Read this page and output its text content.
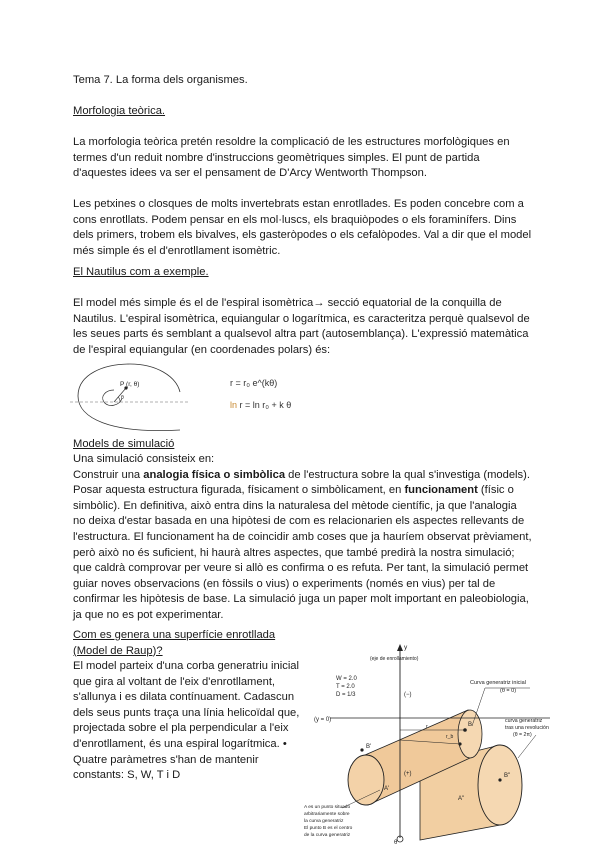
Tema 7. La forma dels organismes.

Morfologia teòrica.

La morfologia teòrica pretén resoldre la complicació de les estructures morfològiques en
termes d'un reduit nombre d'instruccions geomètriques simples. El punt de partida
d'aquestes idees va ser el pensament de D'Arcy Wentworth Thompson.

Les petxines o closques de molts invertebrats estan enrotllades. Es poden concebre com a
cons enrotllats. Podem pensar en els mol·luscs, els braquiòpodes o els foraminífers. Dins
dels primers, trobem els bivalves, els gasteròpodes o els cefalòpodes. Val a dir que el model
més simple és el d'enrotllament isomètric.

El Nautilus com a exemple.

El model més simple és el de l'espiral isomètrica→ secció equatorial de la conquilla de
Nautilus. L'espiral isomètrica, equiangular o logarítmica, es caracteritza perquè qualsevol de
les seues parts és semblant a qualsevol altra part (autosemblança). L'expressió matemàtica
de l'espiral equiangular (en coordenades polars) és:

P (r, θ)
θ
r = r₀ e^(kθ)
ln r = ln r₀ + k θ

Models de simulació

Una simulació consisteix en:
Construir una analogia física o simbòlica de l'estructura sobre la qual s'investiga (models).
Posar aquesta estructura figurada, físicament o simbòlicament, en funcionament (físic o
simbòlic). En definitiva, això entra dins la naturalesa del mètode científic, ja que l'analogia
no deixa d'estar basada en una hipòtesi de com es relacionarien els aspectes rellevants de
l'estructura. El funcionament ha de coincidir amb coses que ja hauríem observat prèviament,
però això no és suficient, hi haurà altres aspectes, que també predirà la nostra simulació;
que caldrà comprovar per veure si allò es confirma o es refuta. Per tant, la simulació permet
guiar noves observacions (en fòssils o vius) o experiments (només en vius) per tal de
confirmar les hipòtesis de base. La simulació juga un paper molt important en paleobiologia,
ja que no es pot experimentar.

Com es genera una superfície enrotllada
(Model de Raup)?

El model parteix d'una corba generatriu inicial
que gira al voltant de l'eix d'enrotllament,
s'allunya i es dilata contínuament. Cadascun
dels seus punts traça una línia helicoïdal que,
projectada sobre el pla perpendicular a l'eix
d'enrotllament, és una espiral logarítmica. •
Quatre paràmetres s'han de mantenir
constants: S, W, T i D

y
(eje de enrollamiento)
W = 2.0
T = 2.0
D = 1/3	(−)
(+)
(y = 0)
Curva generatriz inicial
(θ = 0)
curva generatriz
tras una revolución
(θ = 2π)
B
r
r_b
B'
B''
A'
A''
A es un punto situado
arbitrariamente sobre
la curva generatriz
El punto B es el centro
de la curva generatriz
θ
